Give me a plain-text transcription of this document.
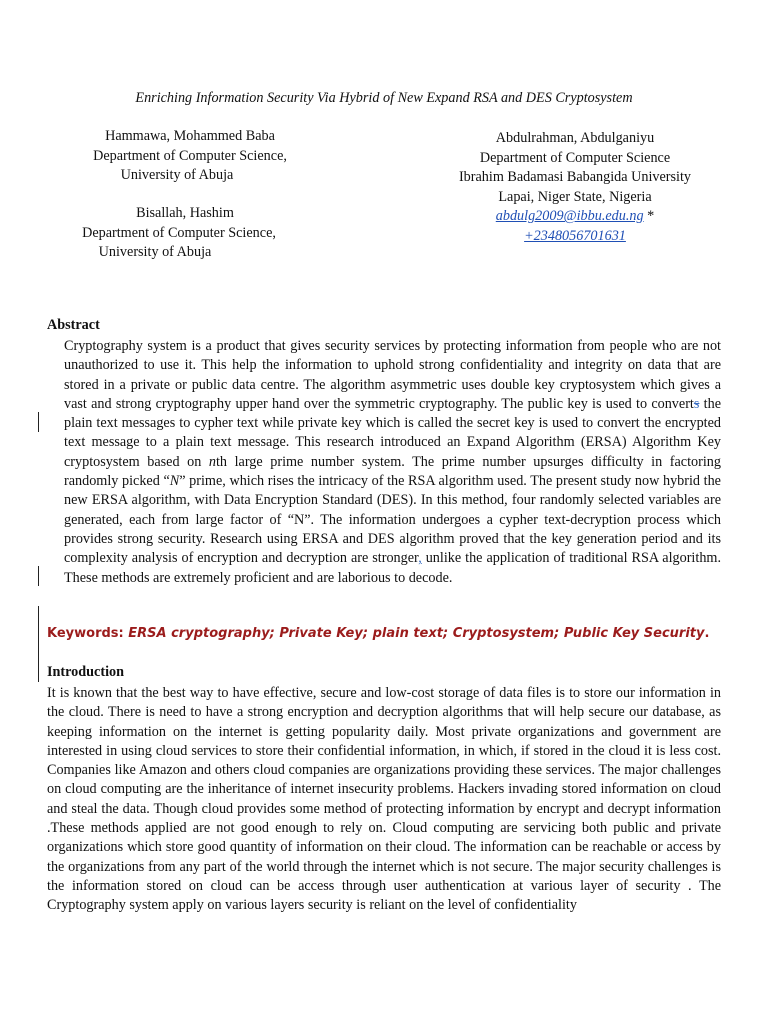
Enriching Information Security Via Hybrid of New Expand RSA and DES Cryptosystem
Hammawa, Mohammed Baba
Department of Computer Science,
University of Abuja
Bisallah, Hashim
Department of Computer Science,
University of Abuja
Abdulrahman, Abdulganiyu
Department of Computer Science
Ibrahim Badamasi Babangida University
Lapai, Niger State, Nigeria
abdulg2009@ibbu.edu.ng *
+2348056701631
Abstract
Cryptography system is a product that gives security services by protecting information from people who are not unauthorized to use it. This help the information to uphold strong confidentiality and integrity on data that are stored in a private or public data centre. The algorithm asymmetric uses double key cryptosystem which gives a vast and strong cryptography upper hand over the symmetric cryptography. The public key is used to converts the plain text messages to cypher text while private key which is called the secret key is used to convert the encrypted text message to a plain text message. This research introduced an Expand Algorithm (ERSA) Algorithm Key cryptosystem based on nth large prime number system. The prime number upsurges difficulty in factoring randomly picked “N” prime, which rises the intricacy of the RSA algorithm used. The present study now hybrid the new ERSA algorithm, with Data Encryption Standard (DES). In this method, four randomly selected variables are generated, each from large factor of “N”. The information undergoes a cypher text-decryption process which provides strong security. Research using ERSA and DES algorithm proved that the key generation period and its complexity analysis of encryption and decryption are stronger, unlike the application of traditional RSA algorithm. These methods are extremely proficient and are laborious to decode.
Keywords: ERSA cryptography; Private Key; plain text; Cryptosystem; Public Key Security.
Introduction
It is known that the best way to have effective, secure and low-cost storage of data files is to store our information in the cloud. There is need to have a strong encryption and decryption algorithms that will help secure our database, as keeping information on the internet is getting popularity daily. Most private organizations and government are interested in using cloud services to store their confidential information, in which, if stored in the cloud it is less cost. Companies like Amazon and others cloud companies are organizations providing these services. The major challenges on cloud computing are the inheritance of internet insecurity problems. Hackers invading stored information on cloud and steal the data. Though cloud provides some method of protecting information by encrypt and decrypt information .These methods applied are not good enough to rely on. Cloud computing are servicing both public and private organizations which store good quantity of information on their cloud. The information can be reachable or access by the organizations from any part of the world through the internet which is not secure. The major security challenges is the information stored on cloud can be access through user authentication at various layer of security . The Cryptography system apply on various layers security is reliant on the level of confidentiality
